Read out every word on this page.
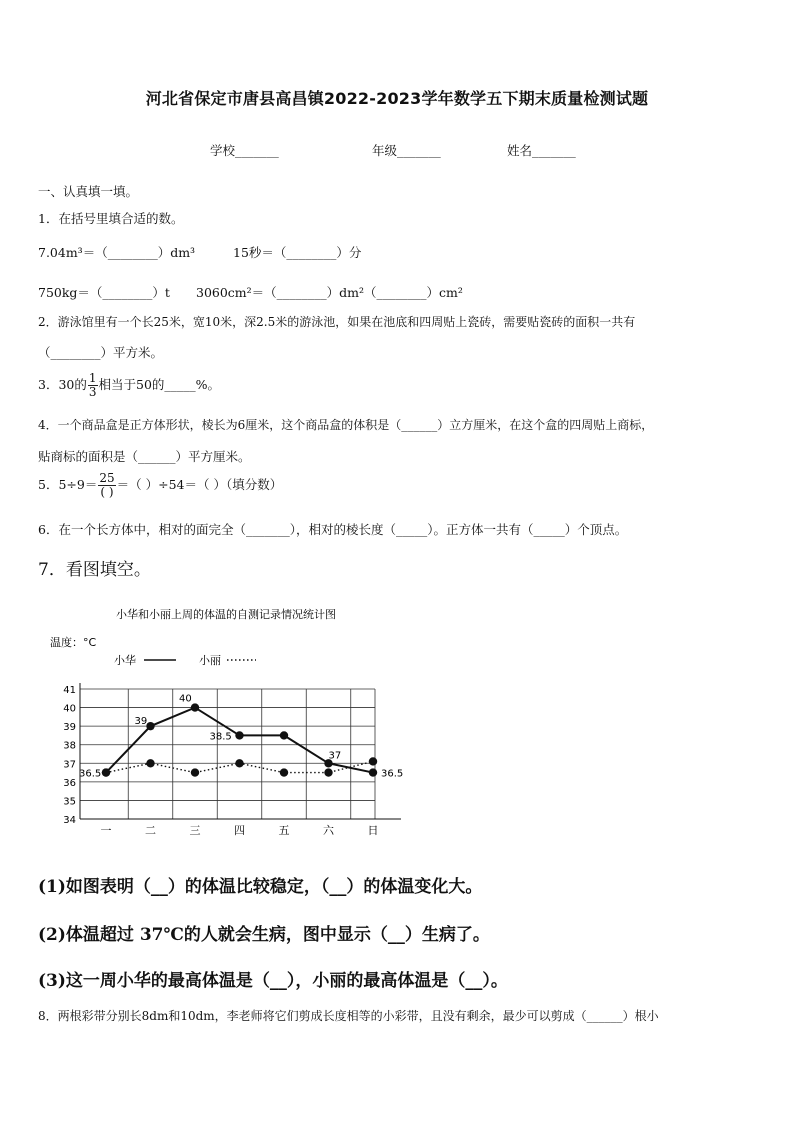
河北省保定市唐县高昌镇2022-2023学年数学五下期末质量检测试题
学校_______	年级_______	姓名_______
一、认真填一填。
1．在括号里填合适的数。
7.04m³＝（________）dm³	15秒＝（________）分
750kg＝（________）t 3060cm²＝（________）dm²（________）cm²
2．游泳馆里有一个长25米，宽10米，深2.5米的游泳池，如果在池底和四周贴上瓷砖，需要贴瓷砖的面积一共有
（________）平方米。
3．30的 $\frac{1}{3}$ 相当于50的_____%。
4．一个商品盒是正方体形状，棱长为6厘米，这个商品盒的体积是（______）立方厘米，在这个盒的四周贴上商标，
贴商标的面积是（______）平方厘米。
5．$5\div 9= \frac{25}{( )}$ ＝（ ）÷54＝（ ）（填分数）
6．在一个长方体中，相对的面完全（_______），相对的棱长度（_____）。正方体一共有（_____）个顶点。
7．看图填空。
小华和小丽上周的体温的自测记录情况统计图
温度：°C
小华	小丽
34
35
36
37
38
39
40
41
一	二	三	四	五	六	日
36.5
39
40
38.5
37
36.5
(1)如图表明（__）的体温比较稳定，（__）的体温变化大。
(2)体温超过 37℃的人就会生病，图中显示（__）生病了。
(3)这一周小华的最高体温是（__），小丽的最高体温是（__）。
8．两根彩带分别长8dm和10dm，李老师将它们剪成长度相等的小彩带，且没有剩余，最少可以剪成（______）根小
